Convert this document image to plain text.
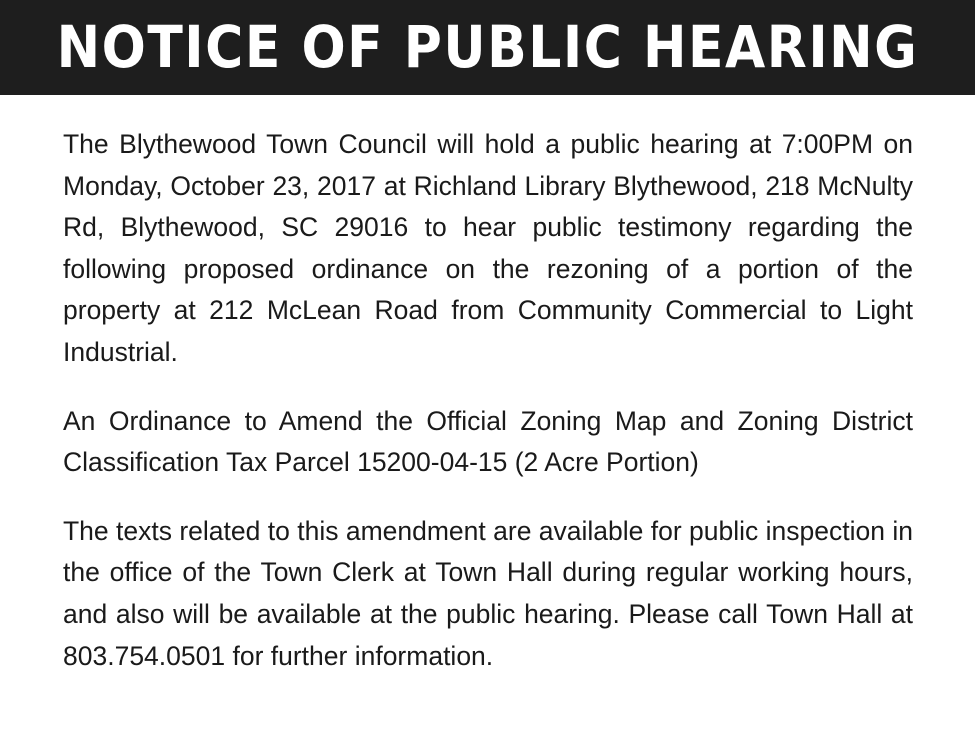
NOTICE OF PUBLIC HEARING

The Blythewood Town Council will hold a public hearing at 7:00PM on Monday, October 23, 2017 at Richland Library Blythewood, 218 McNulty Rd, Blythewood, SC 29016 to hear public testimony regarding the following proposed ordinance on the rezoning of a portion of the property at 212 McLean Road from Community Commercial to Light Industrial.

An Ordinance to Amend the Official Zoning Map and Zoning District Classification Tax Parcel 15200-04-15 (2 Acre Portion)

The texts related to this amendment are available for public inspection in the office of the Town Clerk at Town Hall during regular working hours, and also will be available at the public hearing. Please call Town Hall at 803.754.0501 for further information.
